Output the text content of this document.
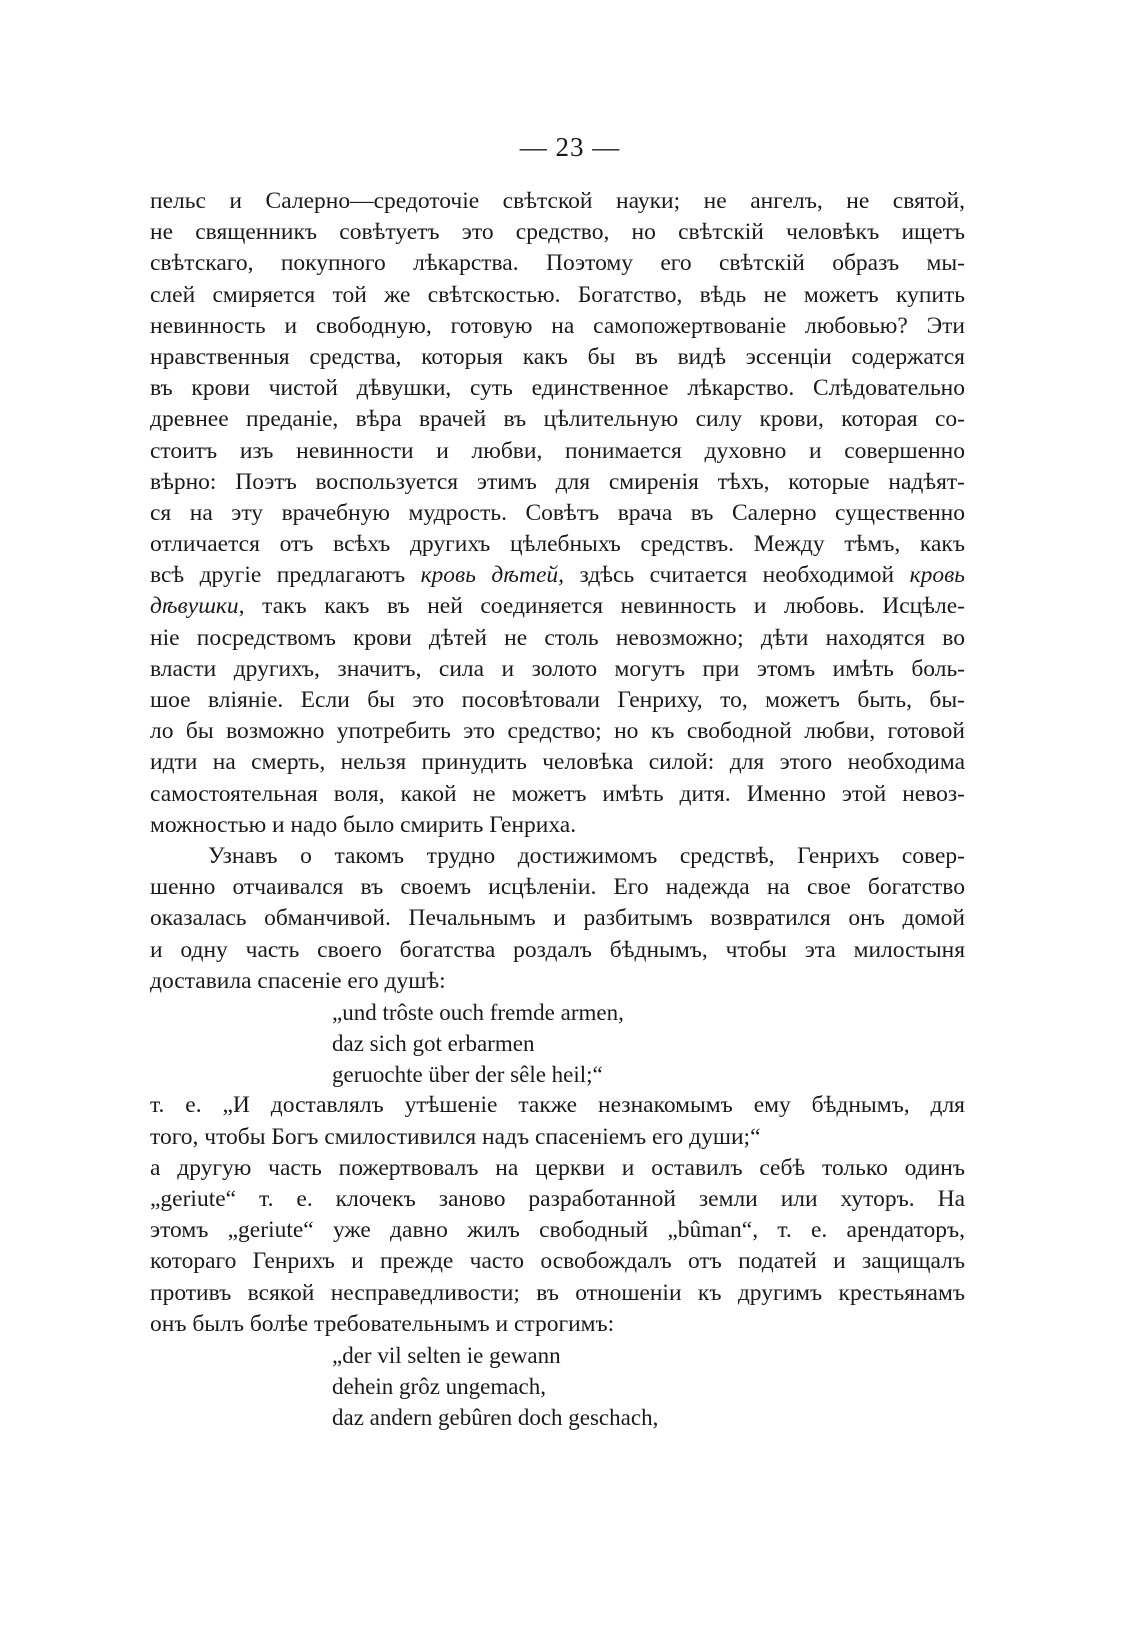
— 23 —
пельс и Салерно—средоточіе свѣтской науки; не ангелъ, не святой,
не священникъ совѣтуетъ это средство, но свѣтскій человѣкъ ищетъ
свѣтскаго, покупного лѣкарства. Поэтому его свѣтскій образъ мы-
слей смиряется той же свѣтскостью. Богатство, вѣдь не можетъ купить
невинность и свободную, готовую на самопожертвованіе любовью? Эти
нравственныя средства, которыя какъ бы въ видѣ эссенціи содержатся
въ крови чистой дѣвушки, суть единственное лѣкарство. Слѣдовательно
древнее преданіе, вѣра врачей въ цѣлительную силу крови, которая со-
стоитъ изъ невинности и любви, понимается духовно и совершенно
вѣрно: Поэтъ воспользуется этимъ для смиренія тѣхъ, которые надѣят-
ся на эту врачебную мудрость. Совѣтъ врача въ Салерно существенно
отличается отъ всѣхъ другихъ цѣлебныхъ средствъ. Между тѣмъ, какъ
всѣ другіе предлагаютъ кровь дѣтей, здѣсь считается необходимой кровь
дѣвушки, такъ какъ въ ней соединяется невинность и любовь. Исцѣле-
ніе посредствомъ крови дѣтей не столь невозможно; дѣти находятся во
власти другихъ, значитъ, сила и золото могутъ при этомъ имѣть боль-
шое вліяніе. Если бы это посовѣтовали Генриху, то, можетъ быть, бы-
ло бы возможно употребить это средство; но къ свободной любви, готовой
идти на смерть, нельзя принудить человѣка силой: для этого необходима
самостоятельная воля, какой не можетъ имѣть дитя. Именно этой невоз-
можностью и надо было смирить Генриха.
Узнавъ о такомъ трудно достижимомъ средствѣ, Генрихъ совер-
шенно отчаивался въ своемъ исцѣленіи. Его надежда на свое богатство
оказалась обманчивой. Печальнымъ и разбитымъ возвратился онъ домой
и одну часть своего богатства роздалъ бѣднымъ, чтобы эта милостыня
доставила спасеніе его душѣ:
„und trôste ouch fremde armen,
daz sich got erbarmen
geruochte über der sêle heil;“
т. е. „И доставлялъ утѣшеніе также незнакомымъ ему бѣднымъ, для
того, чтобы Богъ смилостивился надъ спасеніемъ его души;“
а другую часть пожертвовалъ на церкви и оставилъ себѣ только одинъ
„geriute“ т. е. клочекъ заново разработанной земли или хуторъ. На
этомъ „geriute“ уже давно жилъ свободный „bûman“, т. е. арендаторъ,
котораго Генрихъ и прежде часто освобождалъ отъ податей и защищалъ
противъ всякой несправедливости; въ отношеніи къ другимъ крестьянамъ
онъ былъ болѣе требовательнымъ и строгимъ:
„der vil selten ie gewann
dehein grôz ungemach,
daz andern gebûren doch geschach,
